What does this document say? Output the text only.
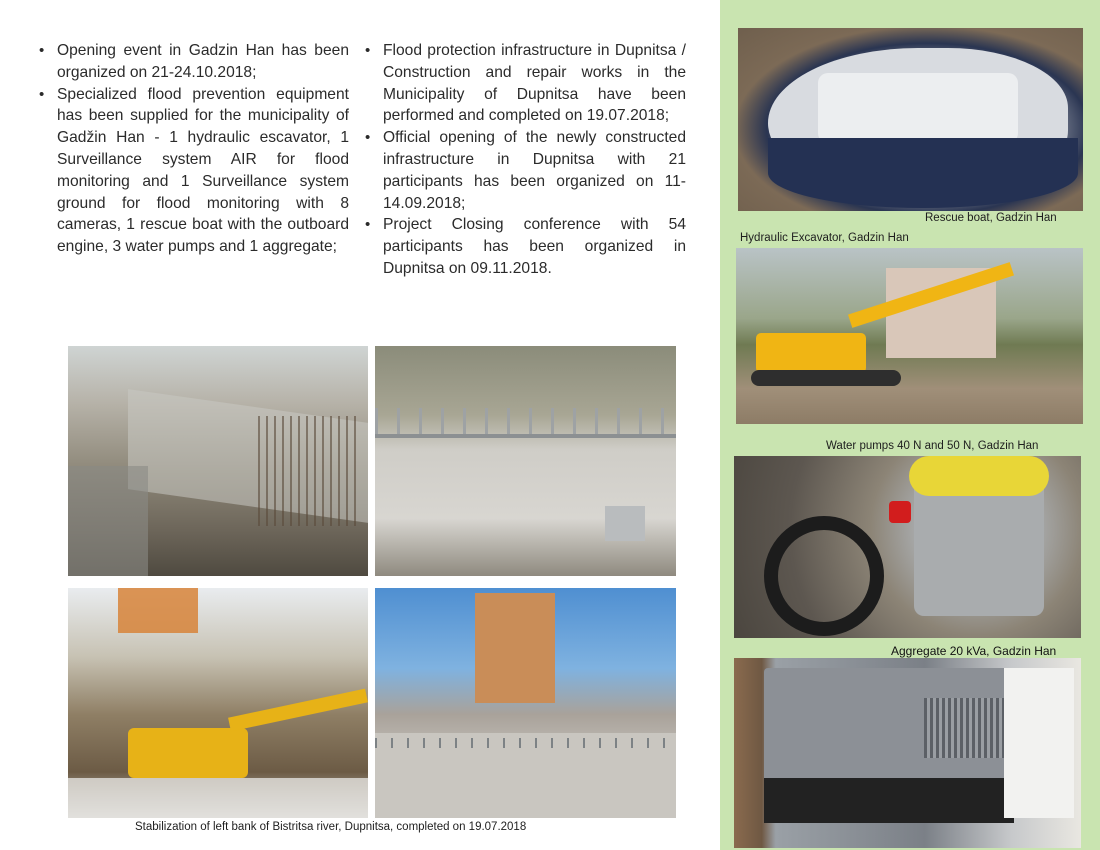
• Opening event in Gadzin Han has been organized on 21-24.10.2018;
• Specialized flood prevention equipment has been supplied for the municipality of Gadžin Han - 1 hydraulic escavator, 1 Surveillance system AIR for flood monitoring and 1 Surveillance system ground for flood monitoring with 8 cameras, 1 rescue boat with the outboard engine, 3 water pumps and 1 aggregate;
• Flood protection infrastructure in Dupnitsa / Construction and repair works in the Municipality of Dupnitsa have been performed and completed on 19.07.2018;
• Official opening of the newly constructed infrastructure in Dupnitsa with 21 participants has been organized on 11-14.09.2018;
• Project Closing conference with 54 participants has been organized in Dupnitsa on 09.11.2018.
Stabilization of left bank of Bistritsa river, Dupnitsa, completed on 19.07.2018
Rescue boat, Gadzin Han
Hydraulic Excavator, Gadzin Han
Water pumps 40 N and 50 N, Gadzin Han
Aggregate 20 kVa, Gadzin Han
